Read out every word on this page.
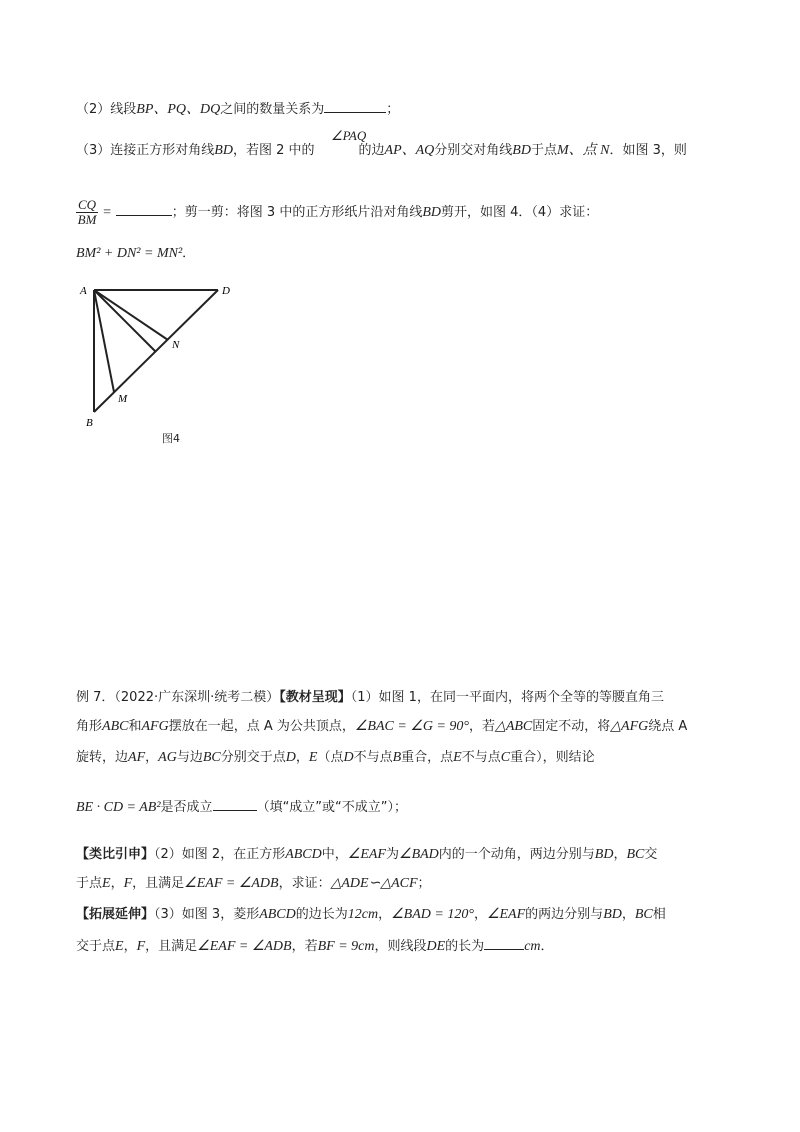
（2）线段BP、PQ、DQ之间的数量关系为	；
∠PAQ
（3）连接正方形对角线BD，若图 2 中的	的边AP、AQ分别交对角线BD于点M、点 N．如图 3，则
$\frac{CQ}{BM}$ =	；剪一剪：将图 3 中的正方形纸片沿对角线BD剪开，如图 4．（4）求证：
BM² + DN² = MN²．
A	D
N
M
B
图4
例 7．（2022·广东深圳·统考二模）【教材呈现】（1）如图 1，在同一平面内，将两个全等的等腰直角三
角形ABC和AFG摆放在一起，点 A 为公共顶点，∠BAC = ∠G = 90°，若△ABC固定不动，将△AFG绕点 A
旋转，边AF，AG与边BC分别交于点D，E（点D不与点B重合，点E不与点C重合），则结论
BE · CD = AB²是否成立	（填“成立”或“不成立”）；
【类比引申】（2）如图 2，在正方形ABCD中，∠EAF为∠BAD内的一个动角，两边分别与BD，BC交
于点E，F，且满足∠EAF = ∠ADB，求证：△ADE∽△ACF；
【拓展延伸】（3）如图 3，菱形ABCD的边长为12cm，∠BAD = 120°，∠EAF的两边分别与BD，BC相
交于点E，F，且满足∠EAF = ∠ADB，若BF = 9cm，则线段DE的长为	cm．
